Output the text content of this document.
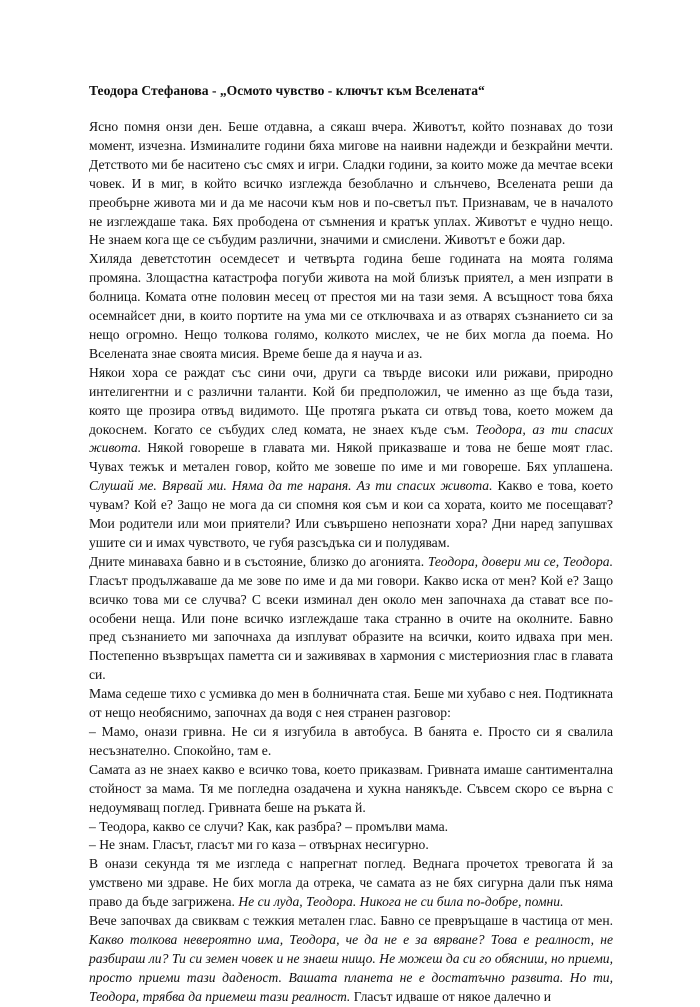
Теодора Стефанова - „Осмото чувство - ключът към Вселената“

Ясно помня онзи ден. Беше отдавна, а сякаш вчера. Животът, който познавах до този момент, изчезна. Изминалите години бяха мигове на наивни надежди и безкрайни мечти. Детството ми бе наситено със смях и игри. Сладки години, за които може да мечтае всеки човек. И в миг, в който всичко изглежда безоблачно и слънчево, Вселената реши да преобърне живота ми и да ме насочи към нов и по-светъл път. Признавам, че в началото не изглеждаше така. Бях прободена от съмнения и кратък уплах. Животът е чудно нещо. Не знаем кога ще се събудим различни, значими и смислени. Животът е божи дар.

Хиляда деветстотин осемдесет и четвърта година беше годината на моята голяма промяна. Злощастна катастрофа погуби живота на мой близък приятел, а мен изпрати в болница. Комата отне половин месец от престоя ми на тази земя. А всъщност това бяха осемнайсет дни, в които портите на ума ми се отключваха и аз отварях съзнанието си за нещо огромно. Нещо толкова голямо, колкото мислех, че не бих могла да поема. Но Вселената знае своята мисия. Време беше да я науча и аз.

Някои хора се раждат със сини очи, други са твърде високи или рижави, природно интелигентни и с различни таланти. Кой би предположил, че именно аз ще бъда тази, която ще прозира отвъд видимото. Ще протягa ръката си отвъд това, което можем да докоснем. Когато се събудих след комата, не знаех къде съм. Теодора, аз ти спасих живота. Някой говореше в главата ми. Някой приказваше и това не беше моят глас. Чувах тежък и метален говор, който ме зовеше по име и ми говореше. Бях уплашена. Слушай ме. Вярвай ми. Няма да те нараня. Аз ти спасих живота. Какво е това, което чувам? Кой е? Защо не мога да си спомня коя съм и кои са хората, които ме посещават? Мои родители или мои приятели? Или съвършено непознати хора? Дни наред запушвах ушите си и имах чувството, че губя разсъдъка си и полудявам.

Дните минаваха бавно и в състояние, близко до агонията. Теодора, довери ми се, Теодора. Гласът продължаваше да ме зове по име и да ми говори. Какво иска от мен? Кой е? Защо всичко това ми се случва? С всеки изминал ден около мен започнаха да стават все по-особени неща. Или поне всичко изглеждаше така странно в очите на околните. Бавно пред съзнанието ми започнаха да изплуват образите на всички, които идваха при мен. Постепенно възвръщах паметта си и заживявах в хармония с мистериозния глас в главата си.

Мама седеше тихо с усмивка до мен в болничната стая. Беше ми хубаво с нея. Подтикната от нещо необяснимо, започнах да водя с нея странен разговор:

– Мамо, онази гривна. Не си я изгубила в автобуса. В банята е. Просто си я свалила несъзнателно. Спокойно, там е.

Самата аз не знаех какво е всичко това, което приказвам. Гривната имаше сантиментална стойност за мама. Тя ме погледна озадачена и хукна нанякъде. Съвсем скоро се върна с недоумяващ поглед. Гривната беше на ръката й.

– Теодора, какво се случи? Как, как разбра? – промълви мама.

– Не знам. Гласът, гласът ми го каза – отвърнах несигурно.

В онази секунда тя ме изгледа с напрегнат поглед. Веднага прочетох тревогата й за умствено ми здраве. Не бих могла да отрека, че самата аз не бях сигурна дали пък няма право да бъде загрижена. Не си луда, Теодора. Никога не си била по-добре, помни.

Вече започвах да свиквам с тежкия метален глас. Бавно се превръщаше в частица от мен. Какво толкова невероятно има, Теодора, че да не е за вярване? Това е реалност, не разбираш ли? Ти си земен човек и не знаеш нищо. Не можеш да си го обясниш, но приеми, просто приеми тази даденост. Вашата планета не е достатъчно развита. Но ти, Теодора, трябва да приемеш тази реалност. Гласът идваше от някое далечно и
